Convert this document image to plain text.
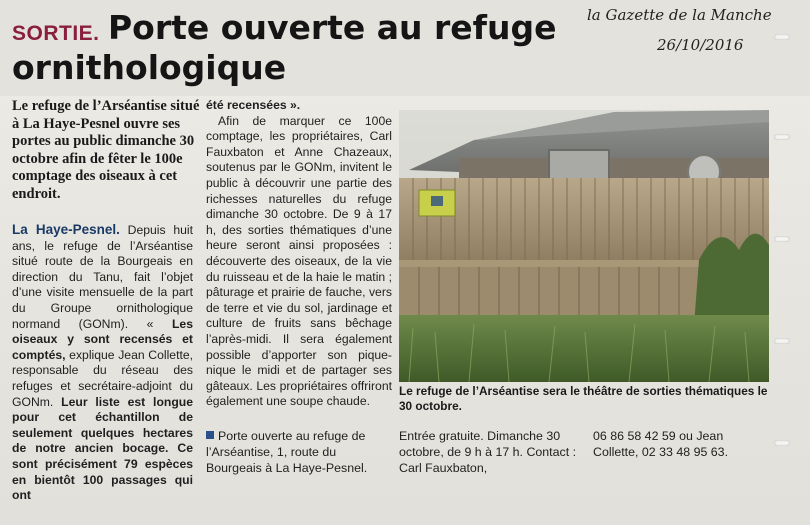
Porte ouverte au refuge ornithologique
SORTIE.
la Gazette de la Manche
26/10/2016
Le refuge de l’Arséantise situé à La Haye-Pesnel ouvre ses portes au public dimanche 30 octobre afin de fêter le 100e comptage des oiseaux à cet endroit.
La Haye-Pesnel. Depuis huit ans, le refuge de l’Arséantise situé route de la Bourgeais en direction du Tanu, fait l’objet d’une visite mensuelle de la part du Groupe ornithologique normand (GONm). « Les oiseaux y sont recensés et comptés, explique Jean Collette, responsable du réseau des refuges et secrétaire-adjoint du GONm. Leur liste est longue pour cet échantillon de seulement quelques hectares de notre ancien bocage. Ce sont précisément 79 espèces en bientôt 100 passages qui ont
été recensées ».
Afin de marquer ce 100e comptage, les propriétaires, Carl Fauxbaton et Anne Chazeaux, soutenus par le GONm, invitent le public à découvrir une partie des richesses naturelles du refuge dimanche 30 octobre. De 9 à 17 h, des sorties thématiques d’une heure seront ainsi proposées : découverte des oiseaux, de la vie du ruisseau et de la haie le matin ; pâturage et prairie de fauche, vers de terre et vie du sol, jardinage et culture de fruits sans bêchage l’après-midi. Il sera également possible d’apporter son pique-nique le midi et de partager ses gâteaux. Les propriétaires offriront également une soupe chaude.
Le refuge de l’Arséantise sera le théâtre de sorties thématiques le 30 octobre.
Porte ouverte au refuge de l’Arséantise, 1, route du Bourgeais à La Haye-Pesnel.
Entrée gratuite. Dimanche 30 octobre, de 9 h à 17 h. Contact : Carl Fauxbaton,
06 86 58 42 59 ou Jean Collette, 02 33 48 95 63.
